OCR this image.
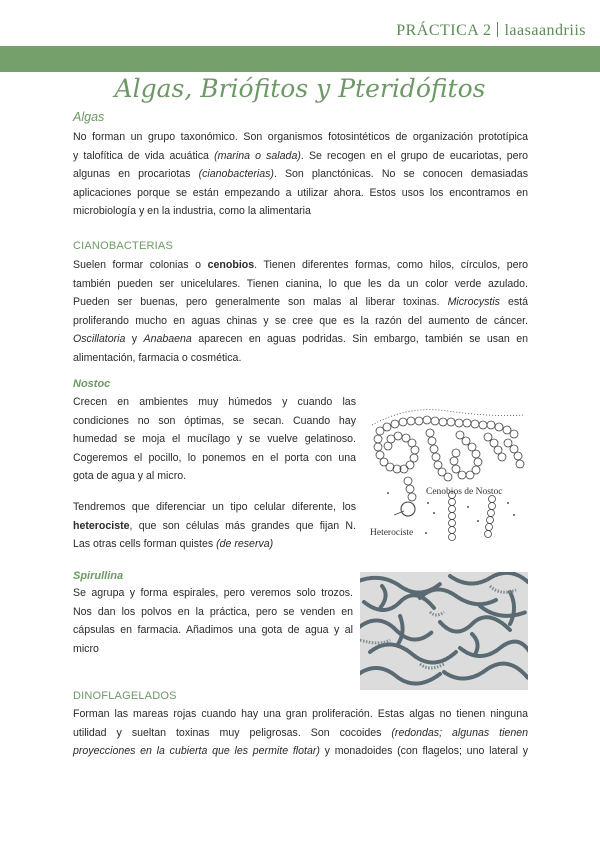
PRÁCTICA 2 laasaandriis
Algas, Briófitos y Pteridófitos
Algas
No forman un grupo taxonómico. Son organismos fotosintéticos de organización prototípica
y talofítica de vida acuática (marina o salada). Se recogen en el grupo de eucariotas, pero
algunas en procariotas (cianobacterias). Son planctónicas. No se conocen demasiadas
aplicaciones porque se están empezando a utilizar ahora. Estos usos los encontramos en
microbiología y en la industria, como la alimentaria
CIANOBACTERIAS
Suelen formar colonias o cenobios. Tienen diferentes formas, como hilos, círculos, pero
también pueden ser unicelulares. Tienen cianina, lo que les da un color verde azulado.
Pueden ser buenas, pero generalmente son malas al liberar toxinas. Microcystis está
proliferando mucho en aguas chinas y se cree que es la razón del aumento de cáncer.
Oscillatoria y Anabaena aparecen en aguas podridas. Sin embargo, también se usan en
alimentación, farmacia o cosmética.
Nostoc
Crecen en ambientes muy húmedos y cuando las
condiciones no son óptimas, se secan. Cuando hay
humedad se moja el mucílago y se vuelve gelatinoso.
Cogeremos el pocillo, lo ponemos en el porta con una
gota de agua y al micro.
Tendremos que diferenciar un tipo celular diferente, los
heterociste, que son células más grandes que fijan N.
Las otras cells forman quistes (de reserva)
Cenobios de Nostoc
Heterociste
Spirullina
Se agrupa y forma espirales, pero veremos solo trozos.
Nos dan los polvos en la práctica, pero se venden en
cápsulas en farmacia. Añadimos una gota de agua y al
micro
DINOFLAGELADOS
Forman las mareas rojas cuando hay una gran proliferación. Estas algas no tienen ninguna
utilidad y sueltan toxinas muy peligrosas. Son cocoides (redondas; algunas tienen
proyecciones en la cubierta que les permite flotar) y monadoides (con flagelos; uno lateral y
